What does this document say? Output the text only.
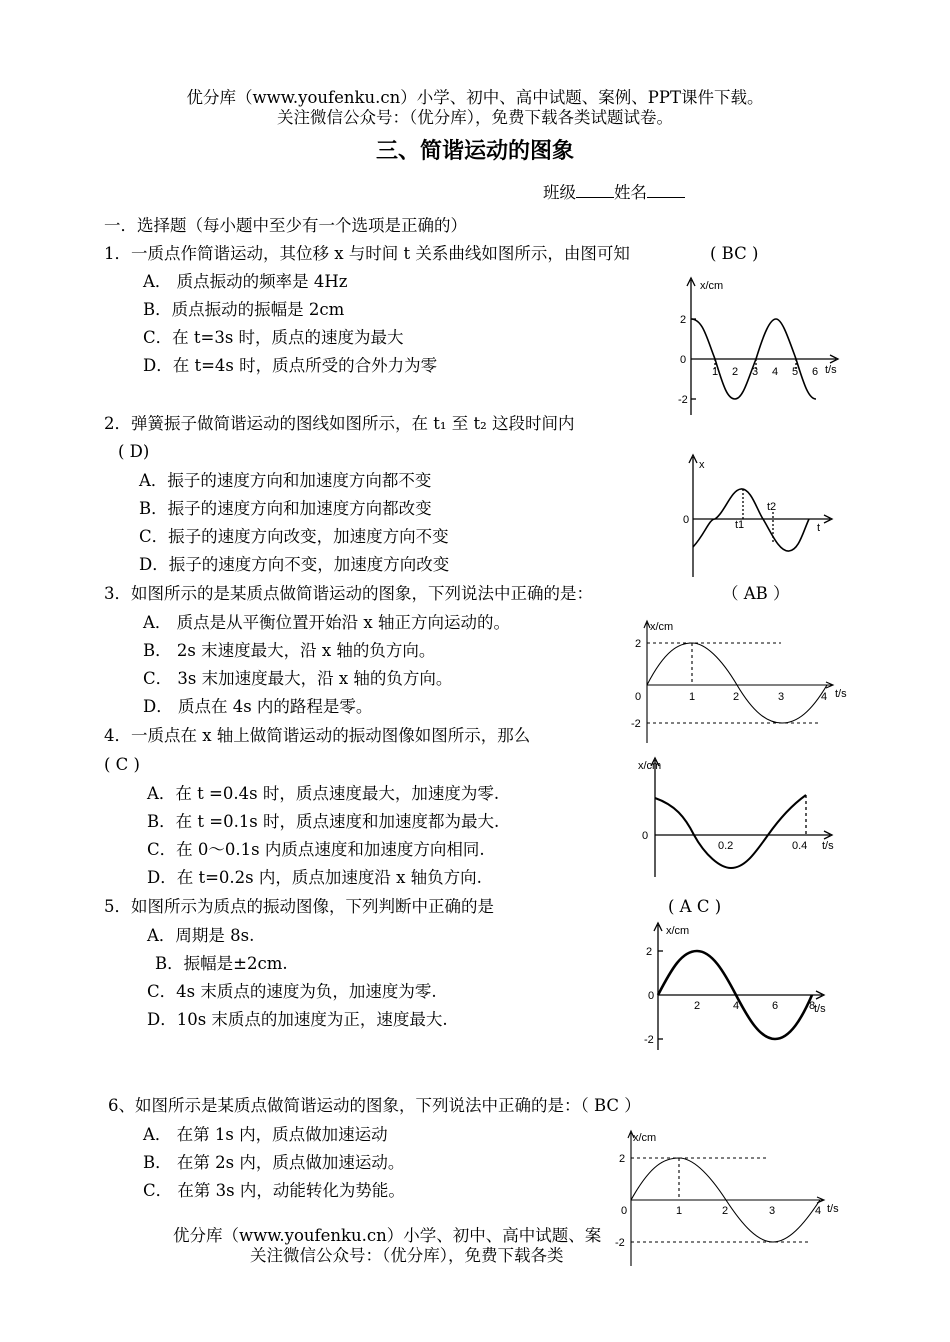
优分库（www.youfenku.cn）小学、初中、高中试题、案例、PPT课件下载。
关注微信公众号：（优分库），免费下载各类试题试卷。
三、简谐运动的图象
班级 姓名
一．选择题（每小题中至少有一个选项是正确的）
1．一质点作简谐运动，其位移 x 与时间 t 关系曲线如图所示，由图可知	( BC )
A． 质点振动的频率是 4Hz
B．质点振动的振幅是 2cm
C．在 t=3s 时，质点的速度为最大
D．在 t=4s 时，质点所受的合外力为零
x/cm
t/s
2
0
-2
1 2 3 4 5 6
2．弹簧振子做简谐运动的图线如图所示，在 t₁ 至 t₂ 这段时间内
( D)
A．振子的速度方向和加速度方向都不变
B．振子的速度方向和加速度方向都改变
C．振子的速度方向改变，加速度方向不变
D．振子的速度方向不变，加速度方向改变
x
0
t
t1
t2
3．如图所示的是某质点做简谐运动的图象，下列说法中正确的是：	（ AB ）
A． 质点是从平衡位置开始沿 x 轴正方向运动的。
B． 2s 末速度最大，沿 x 轴的负方向。
C． 3s 末加速度最大，沿 x 轴的负方向。
D． 质点在 4s 内的路程是零。
x/cm
t/s
2
0
-2
1	2	3	4
4．一质点在 x 轴上做简谐运动的振动图像如图所示，那么
( C )
A．在 t =0.4s 时，质点速度最大，加速度为零.
B．在 t =0.1s 时，质点速度和加速度都为最大.
C．在 0～0.1s 内质点速度和加速度方向相同.
D．在 t=0.2s 内，质点加速度沿 x 轴负方向.
x/cm
0
0.2	0.4 t/s
5．如图所示为质点的振动图像，下列判断中正确的是	( A C )
A．周期是 8s.
B．振幅是±2cm.
C．4s 末质点的速度为负，加速度为零.
D．10s 末质点的加速度为正，速度最大.
x/cm
t/s
2
0
-2
2	4	6	8
6、如图所示是某质点做简谐运动的图象，下列说法中正确的是：（ BC ）
A． 在第 1s 内，质点做加速运动
B． 在第 2s 内，质点做加速运动。
C． 在第 3s 内，动能转化为势能。
x/cm
t/s
2
0
-2
1	2	3	4
优分库（www.youfenku.cn）小学、初中、高中试题、案
关注微信公众号：（优分库），免费下载各类
